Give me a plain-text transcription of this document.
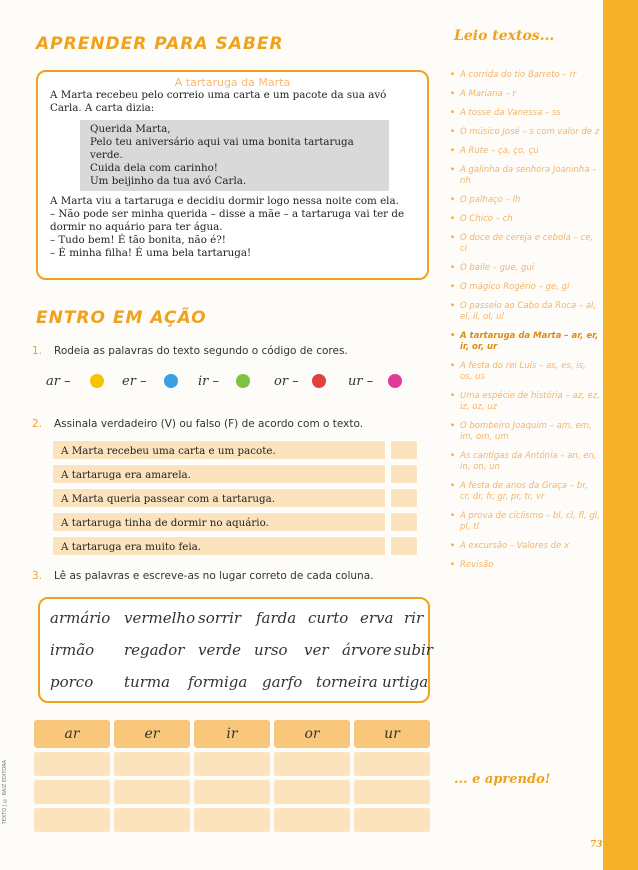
APRENDER PARA SABER
A tartaruga da Marta

A Marta recebeu pelo correio uma carta e um pacote da sua avó Carla. A carta dizia:

Querida Marta,

Pelo teu aniversário aqui vai uma bonita tartaruga verde.

Cuida dela com carinho!

Um beijinho da tua avó Carla.

A Marta viu a tartaruga e decidiu dormir logo nessa noite com ela.

– Não pode ser minha querida – disse a mãe – a tartaruga vai ter de dormir no aquário para ter água.

– Tudo bem! É tão bonita, não é?!

– É minha filha! É uma bela tartaruga!

ENTRO EM AÇÃO
1. Rodeia as palavras do texto segundo o código de cores.
ar –	er –	ir –	or –	ur –
2. Assinala verdadeiro (V) ou falso (F) de acordo com o texto.
A Marta recebeu uma carta e um pacote.
A tartaruga era amarela.
A Marta queria passear com a tartaruga.
A tartaruga tinha de dormir no aquário.
A tartaruga era muito feia.
3. Lê as palavras e escreve-as no lugar correto de cada coluna.
armário vermelho sorrir farda curto erva rir
irmão regador verde urso ver árvore subir
porco turma formiga garfo torneira urtiga
ar	er	ir	or	ur
Leio textos...
• A corrida do tio Barreto – rr
• A Mariana – r
• A tosse da Vanessa – ss
• O músico José – s com valor de z
• A Rute – ça, ço, çu
• A galinha da senhora Joaninha – nh
• O palhaço – lh
• O Chico – ch
• O doce de cereja e cebola – ce, ci
• O baile – gue, gui
• O mágico Rogério – ge, gi
• O passeio ao Cabo da Roca – al, el, il, ol, ul
• A tartaruga da Marta – ar, er, ir, or, ur
• A festa do rei Luís – as, es, is, os, us
• Uma espécie de história – az, ez, iz, oz, uz
• O bombeiro Joaquim – am, em, im, om, um
• As cantigas da Antónia – an, en, in, on, un
• A festa de anos da Graça – br, cr, dr, fr, gr, pr, tr, vr
• A prova de ciclismo – bl, cl, fl, gl, pl, tl
• A excursão – Valores de x
• Revisão
... e aprendo!
73
TEXTO | © RAIZ EDITORA
